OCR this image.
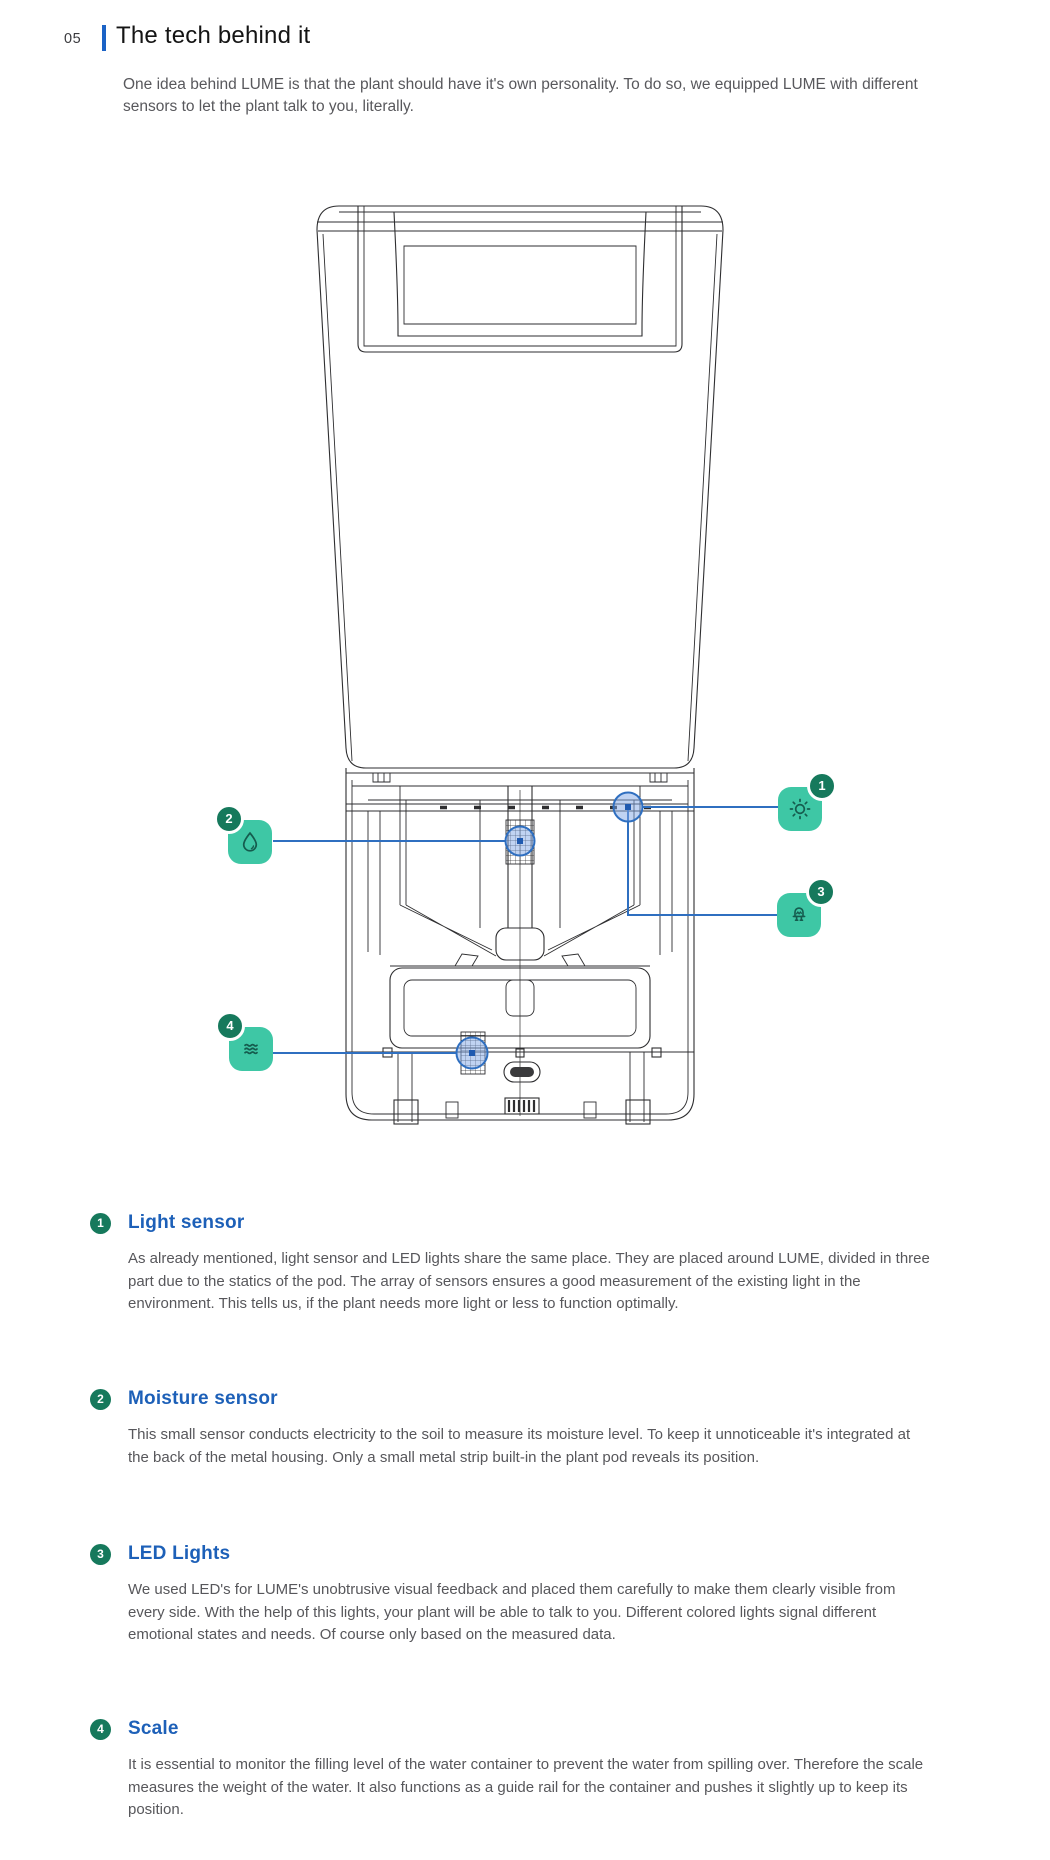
05 The tech behind it

One idea behind LUME is that the plant should have it's own personality. To do so, we equipped LUME with different sensors to let the plant talk to you, literally.

1
2
3
4
1	Light sensor

As already mentioned, light sensor and LED lights share the same place. They are placed around LUME, divided in three part due to the statics of the pod. The array of sensors ensures a good measurement of the existing light in the environment. This tells us, if the plant needs more light or less to function optimally.

2	Moisture sensor

This small sensor conducts electricity to the soil to measure its moisture level. To keep it unnoticeable it's integrated at the back of the metal housing. Only a small metal strip built-in the plant pod reveals its position.

3	LED Lights

We used LED's for LUME's unobtrusive visual feedback and placed them carefully to make them clearly visible from every side. With the help of this lights, your plant will be able to talk to you. Different colored lights signal different emotional states and needs. Of course only based on the measured data.

4	Scale

It is essential to monitor the filling level of the water container to prevent the water from spilling over. Therefore the scale measures the weight of the water. It also functions as a guide rail for the container and pushes it slightly up to keep its position.
